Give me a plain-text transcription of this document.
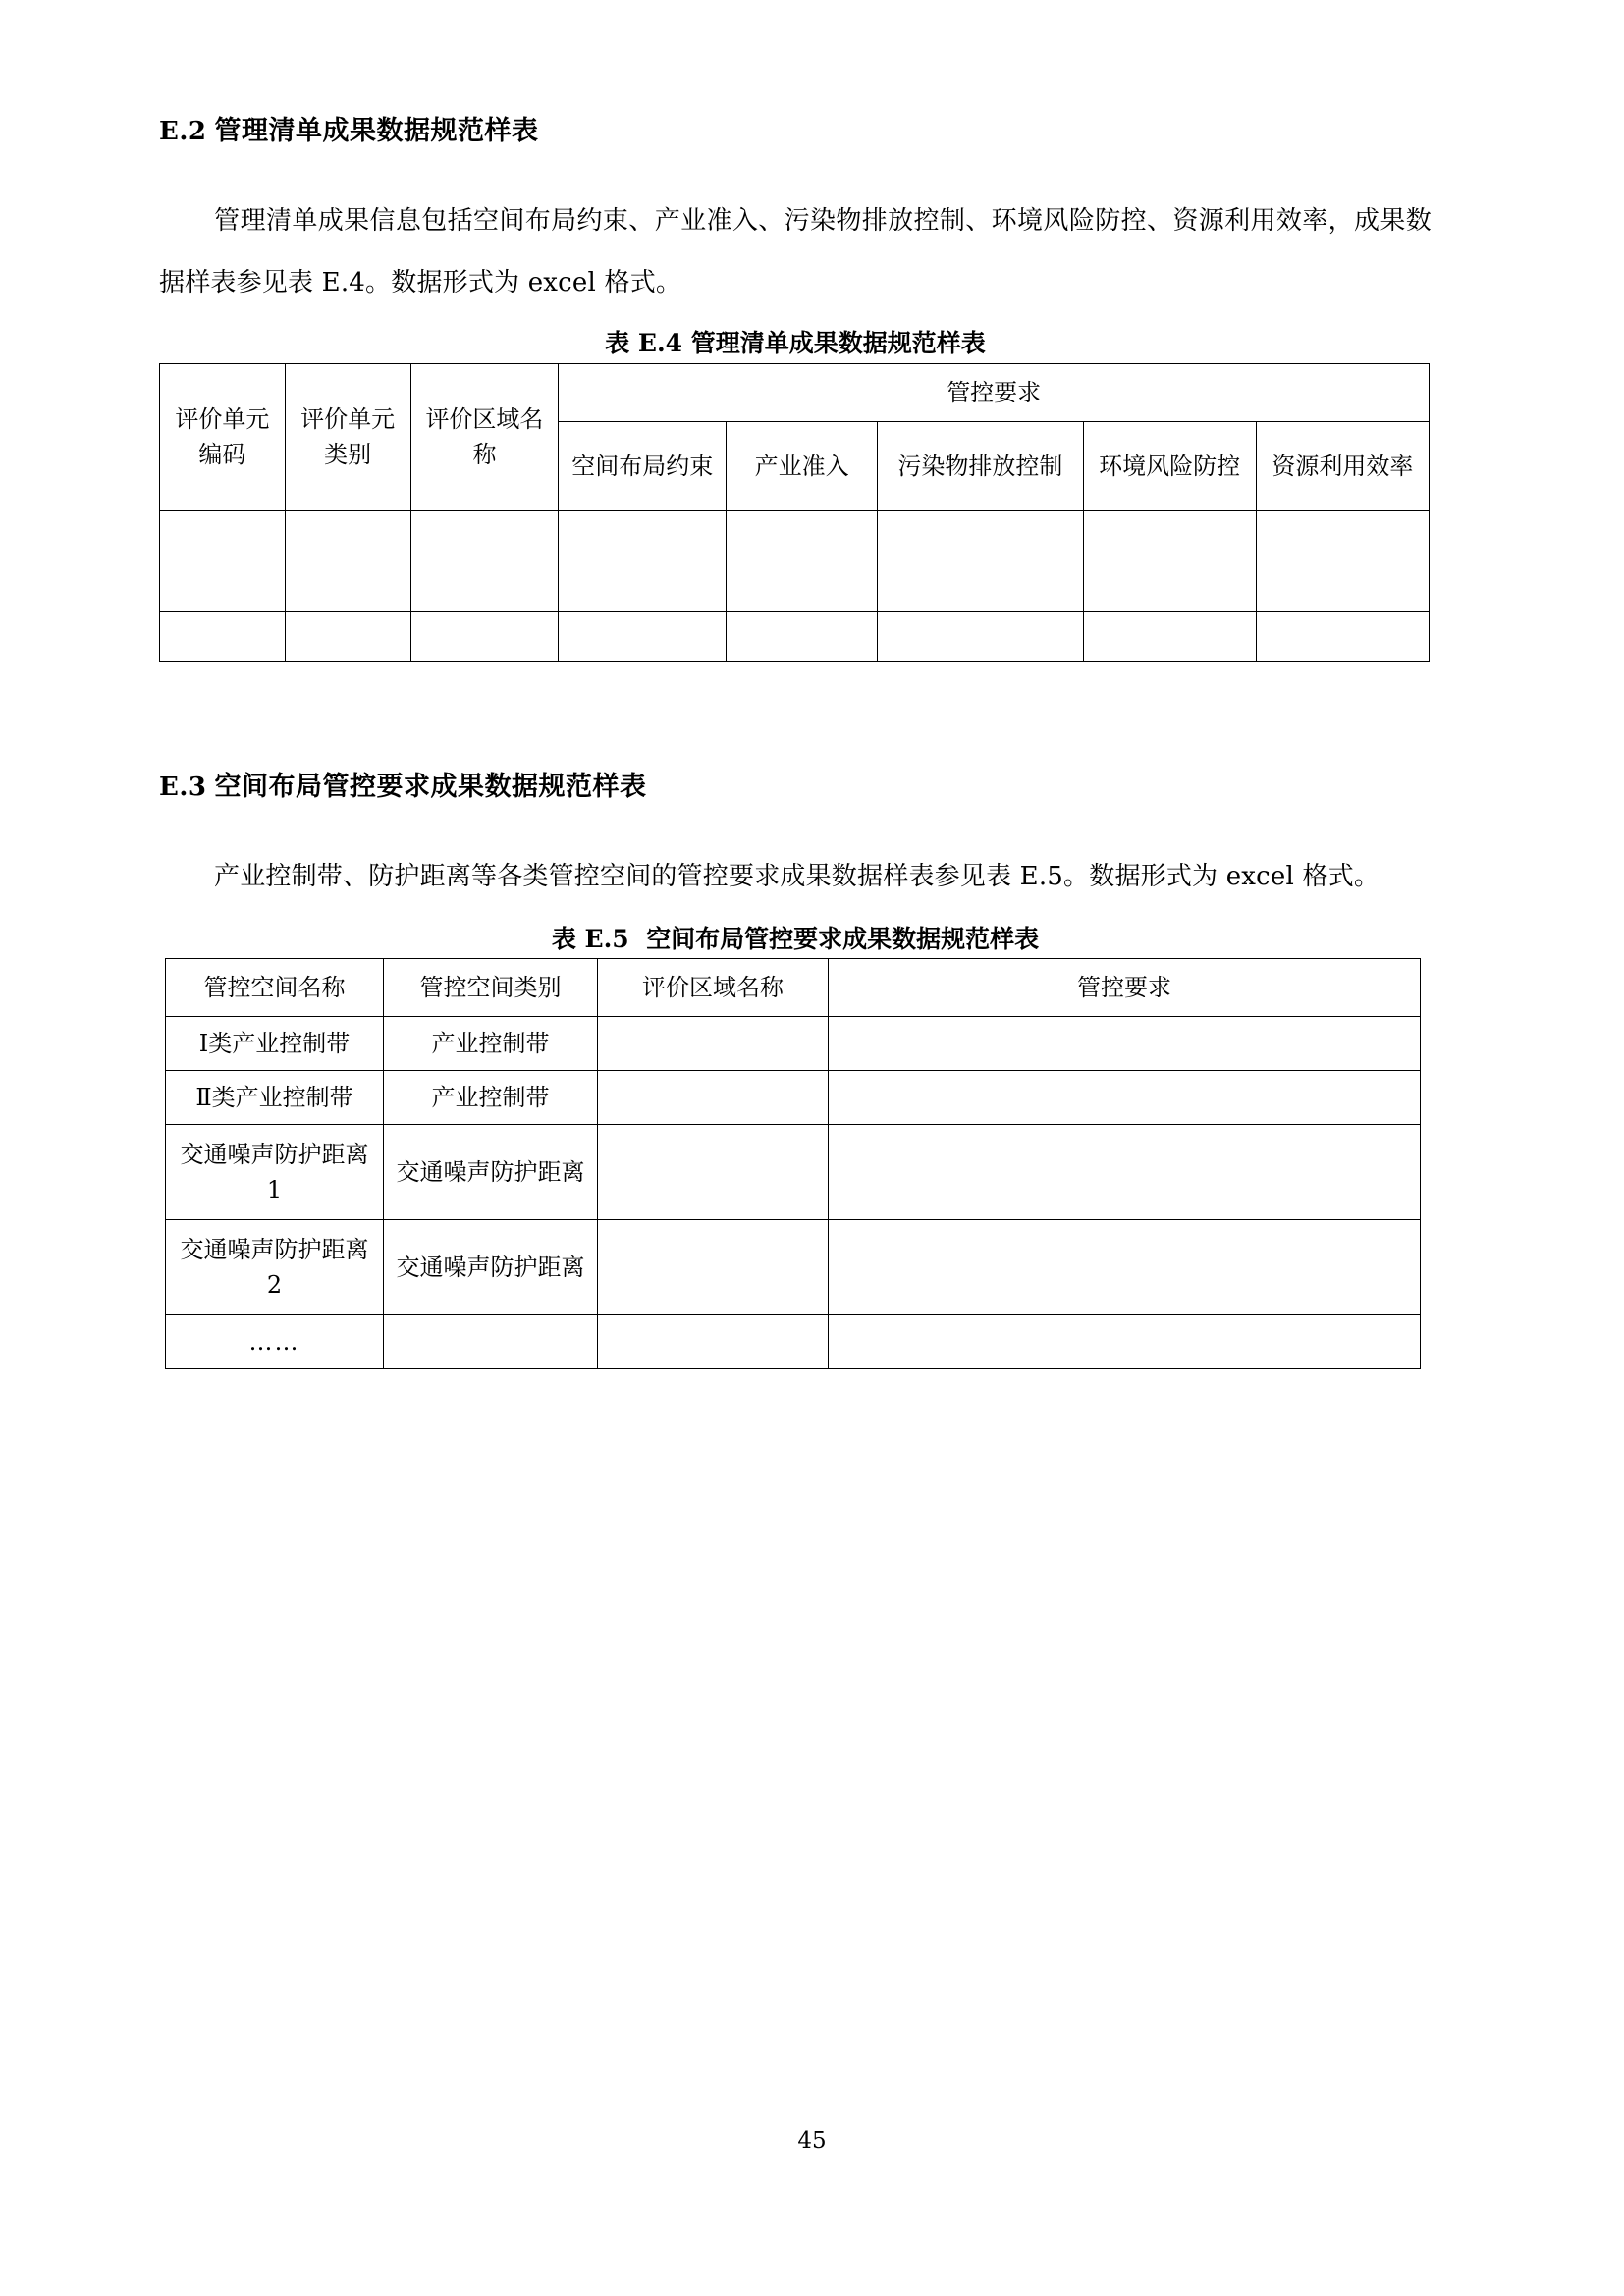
E.2 管理清单成果数据规范样表

管理清单成果信息包括空间布局约束、产业准入、污染物排放控制、环境风险防控、资源利用效率，成果数据样表参见表 E.4。数据形式为 excel 格式。

表 E.4 管理清单成果数据规范样表
评价单元编码	评价单元类别	评价区域名称	管控要求				
			空间布局约束	产业准入	污染物排放控制	环境风险防控	资源利用效率

E.3 空间布局管控要求成果数据规范样表

产业控制带、防护距离等各类管控空间的管控要求成果数据样表参见表 E.5。数据形式为 excel 格式。

表 E.5 空间布局管控要求成果数据规范样表
管控空间名称	管控空间类别	评价区域名称	管控要求
Ⅰ类产业控制带	产业控制带		
Ⅱ类产业控制带	产业控制带		
交通噪声防护距离 1	交通噪声防护距离		
交通噪声防护距离 2	交通噪声防护距离		
……			
45
